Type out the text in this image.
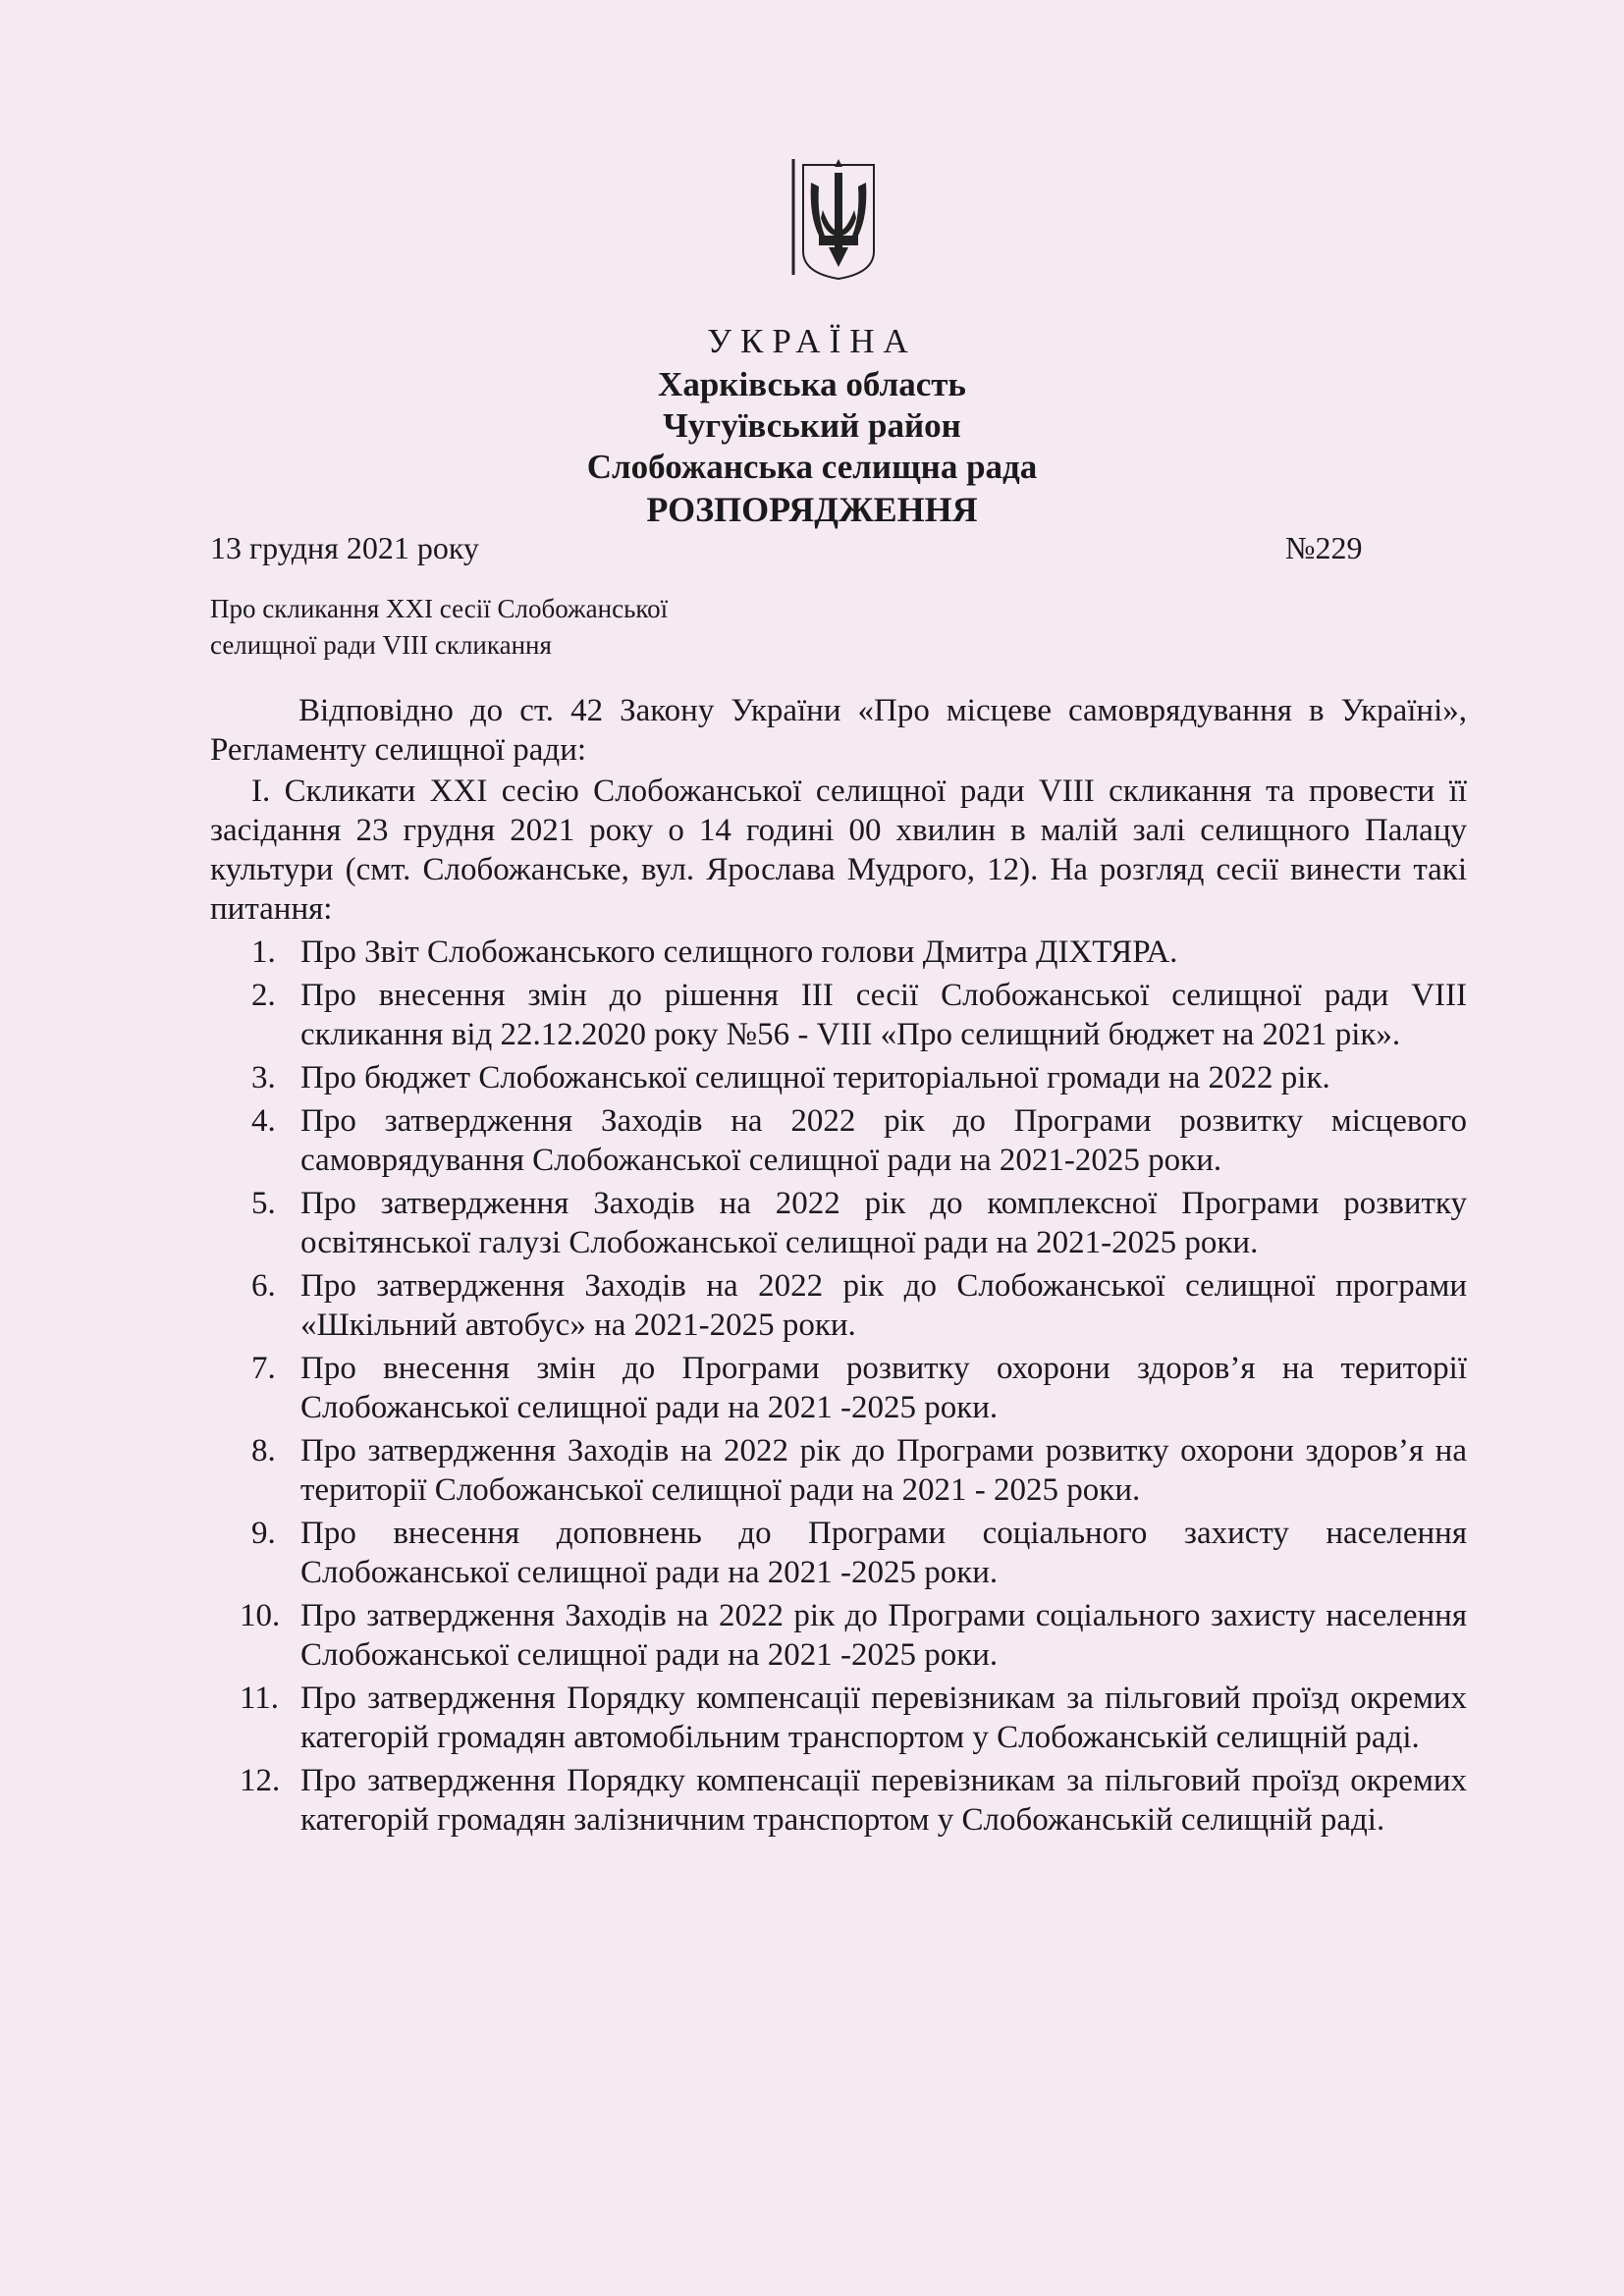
УКРАЇНА
Харківська область
Чугуївський район
Слобожанська селищна рада
РОЗПОРЯДЖЕННЯ
13 грудня 2021 року	№229
Про скликання XXI сесії Слобожанської
селищної ради VIII скликання

Відповідно до ст. 42 Закону України «Про місцеве самоврядування в Україні», Регламенту селищної ради:

I. Скликати XXI сесію Слобожанської селищної ради VIII скликання та провести її засідання 23 грудня 2021 року о 14 годині 00 хвилин в малій залі селищного Палацу культури (смт. Слобожанське, вул. Ярослава Мудрого, 12). На розгляд сесії винести такі питання:

1. Про Звіт Слобожанського селищного голови Дмитра ДІХТЯРА.
2. Про внесення змін до рішення III сесії Слобожанської селищної ради VIII скликання від 22.12.2020 року №56 - VIII «Про селищний бюджет на 2021 рік».
3. Про бюджет Слобожанської селищної територіальної громади на 2022 рік.
4. Про затвердження Заходів на 2022 рік до Програми розвитку місцевого самоврядування Слобожанської селищної ради на 2021-2025 роки.
5. Про затвердження Заходів на 2022 рік до комплексної Програми розвитку освітянської галузі Слобожанської селищної ради на 2021-2025 роки.
6. Про затвердження Заходів на 2022 рік до Слобожанської селищної програми «Шкільний автобус» на 2021-2025 роки.
7. Про внесення змін до Програми розвитку охорони здоров’я на території Слобожанської селищної ради на 2021 -2025 роки.
8. Про затвердження Заходів на 2022 рік до Програми розвитку охорони здоров’я на території Слобожанської селищної ради на 2021 - 2025 роки.
9. Про внесення доповнень до Програми соціального захисту населення Слобожанської селищної ради на 2021 -2025 роки.
10. Про затвердження Заходів на 2022 рік до Програми соціального захисту населення Слобожанської селищної ради на 2021 -2025 роки.
11. Про затвердження Порядку компенсації перевізникам за пільговий проїзд окремих категорій громадян автомобільним транспортом у Слобожанській селищній раді.
12. Про затвердження Порядку компенсації перевізникам за пільговий проїзд окремих категорій громадян залізничним транспортом у Слобожанській селищній раді.
